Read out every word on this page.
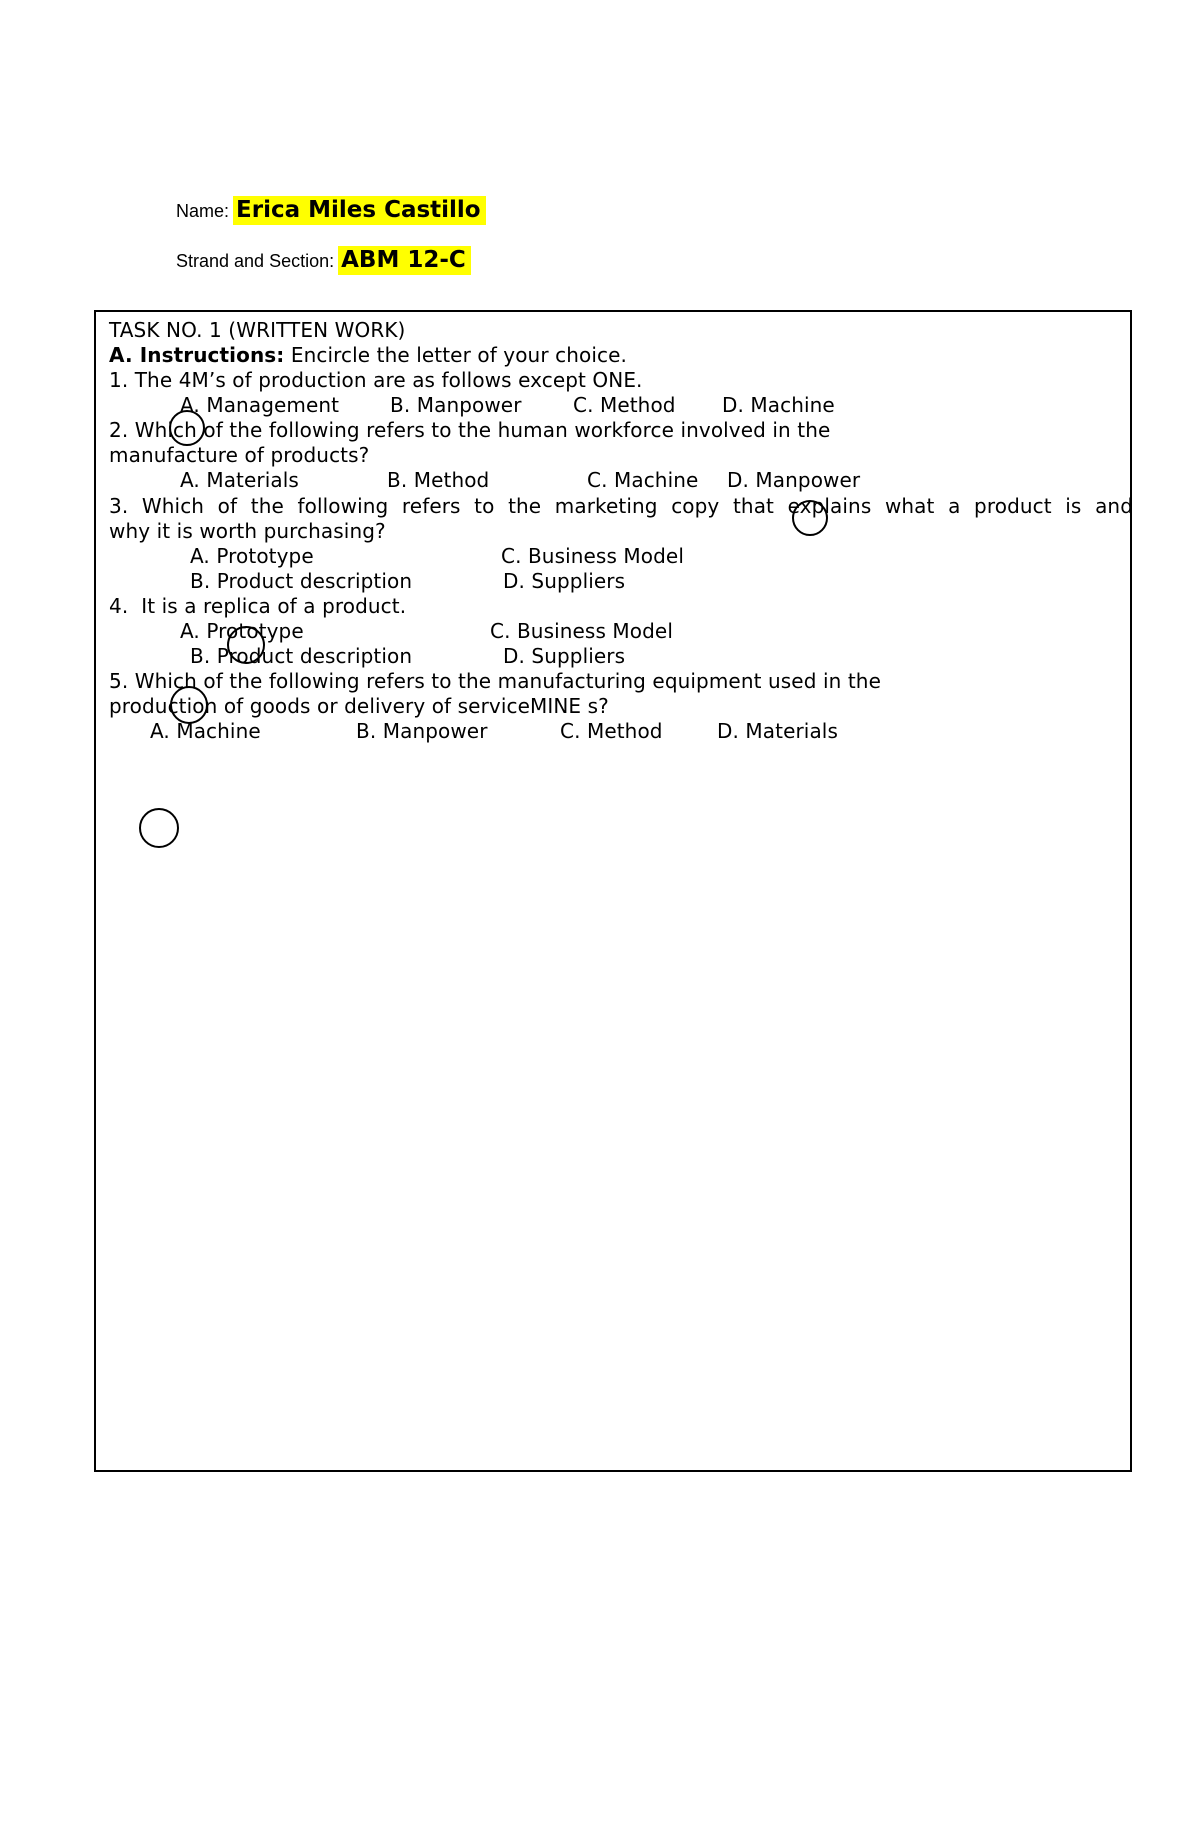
Name: Erica Miles Castillo
Strand and Section: ABM 12-C
TASK NO. 1 (WRITTEN WORK)
A. Instructions: Encircle the letter of your choice.
1. The 4M’s of production are as follows except ONE.
A. Management	B. Manpower	C. Method D. Machine
2. Which of the following refers to the human workforce involved in the
manufacture of products?
A. Materials	B. Method	C. Machine D. Manpower
3. Which of the following refers to the marketing copy that explains what a product is and
why it is worth purchasing?
A. Prototype	C. Business Model
B. Product description	D. Suppliers
4.  It is a replica of a product.
A. Prototype	C. Business Model
B. Product description	D. Suppliers
5. Which of the following refers to the manufacturing equipment used in the
production of goods or delivery of serviceMINE s?
A. Machine	B. Manpower	C. Method	D. Materials
